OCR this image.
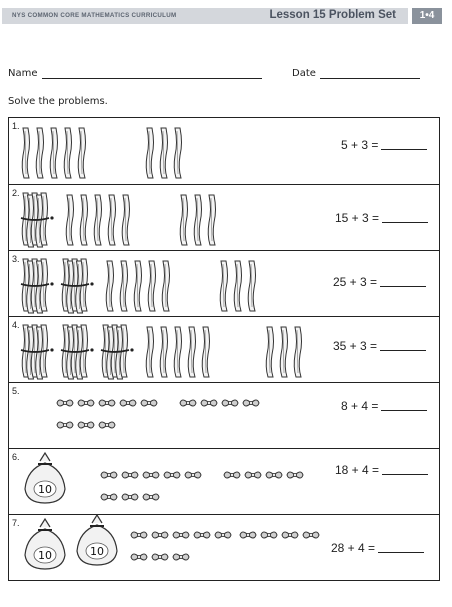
NYS COMMON CORE MATHEMATICS CURRICULUM	Lesson 15 Problem Set	1•4
Name	Date
Solve the problems.
1.
5 + 3 =
2.
15 + 3 =
3.
25 + 3 =
4.
35 + 3 =
5.
8 + 4 =
6.
10
18 + 4 =
7.
10	10	28 + 4 =
